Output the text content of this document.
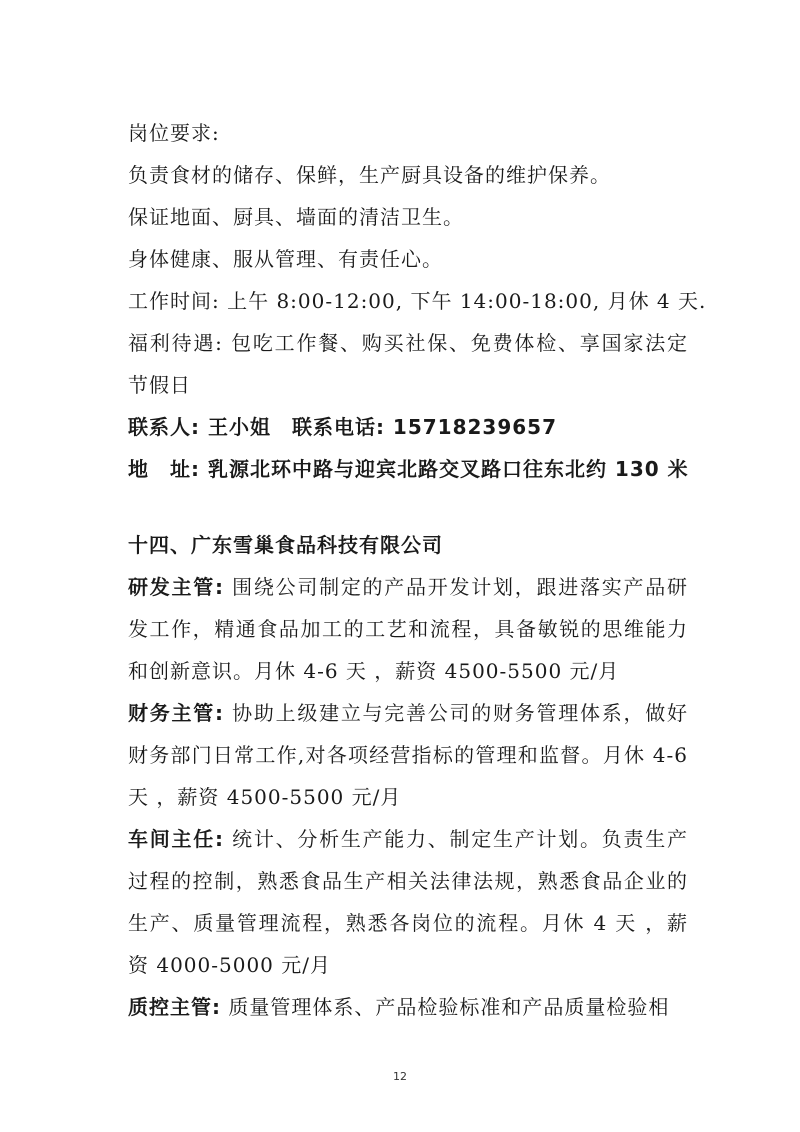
岗位要求:
负责食材的储存、保鲜，生产厨具设备的维护保养。
保证地面、厨具、墙面的清洁卫生。
身体健康、服从管理、有责任心。
工作时间: 上午 8:00-12:00, 下午 14:00-18:00, 月休 4 天.
福利待遇: 包吃工作餐、购买社保、免费体检、享国家法定节假日
联系人: 王小姐　联系电话: 15718239657
地　址: 乳源北环中路与迎宾北路交叉路口往东北约 130 米
十四、广东雪巢食品科技有限公司
研发主管: 围绕公司制定的产品开发计划，跟进落实产品研发工作，精通食品加工的工艺和流程，具备敏锐的思维能力和创新意识。月休 4-6 天 ，薪资 4500-5500 元/月
财务主管: 协助上级建立与完善公司的财务管理体系，做好财务部门日常工作,对各项经营指标的管理和监督。月休 4-6 天 ，薪资 4500-5500 元/月
车间主任: 统计、分析生产能力、制定生产计划。负责生产过程的控制，熟悉食品生产相关法律法规，熟悉食品企业的生产、质量管理流程，熟悉各岗位的流程。月休 4 天 ，薪资 4000-5000 元/月
质控主管: 质量管理体系、产品检验标准和产品质量检验相
12
